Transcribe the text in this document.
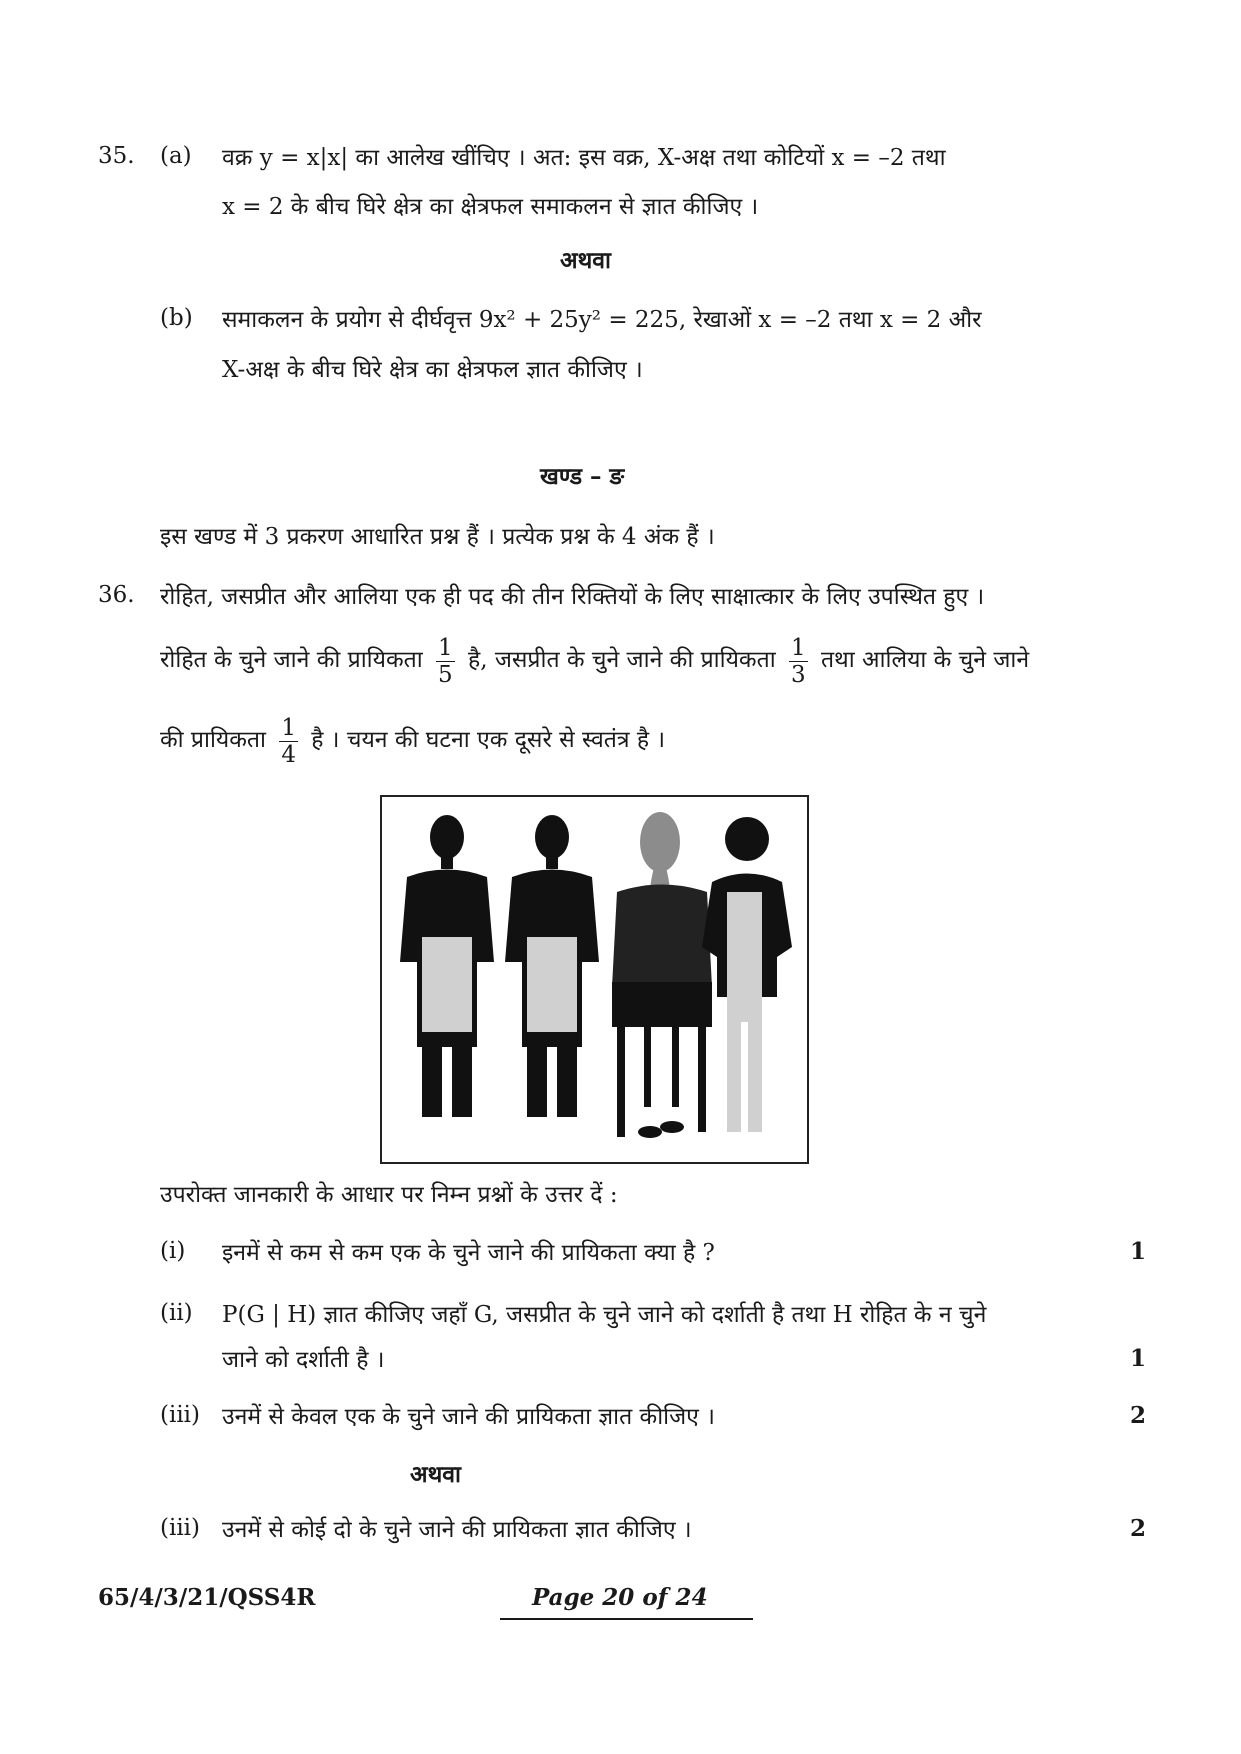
35. (a) वक्र y = x|x| का आलेख खींचिए । अत: इस वक्र, X-अक्ष तथा कोटियों x = –2 तथा
x = 2 के बीच घिरे क्षेत्र का क्षेत्रफल समाकलन से ज्ञात कीजिए ।
अथवा
(b) समाकलन के प्रयोग से दीर्घवृत्त 9x² + 25y² = 225, रेखाओं x = –2 तथा x = 2 और
X-अक्ष के बीच घिरे क्षेत्र का क्षेत्रफल ज्ञात कीजिए ।
खण्ड – ङ
इस खण्ड में 3 प्रकरण आधारित प्रश्न हैं । प्रत्येक प्रश्न के 4 अंक हैं ।
36. रोहित, जसप्रीत और आलिया एक ही पद की तीन रिक्तियों के लिए साक्षात्कार के लिए उपस्थित हुए ।
रोहित के चुने जाने की प्रायिकता $\frac{1}{5}$ है, जसप्रीत के चुने जाने की प्रायिकता $\frac{1}{3}$ तथा आलिया के चुने जाने
की प्रायिकता $\frac{1}{4}$ है । चयन की घटना एक दूसरे से स्वतंत्र है ।
उपरोक्त जानकारी के आधार पर निम्न प्रश्नों के उत्तर दें :
(i) इनमें से कम से कम एक के चुने जाने की प्रायिकता क्या है ?	1
(ii) P(G | H) ज्ञात कीजिए जहाँ G, जसप्रीत के चुने जाने को दर्शाती है तथा H रोहित के न चुने
जाने को दर्शाती है ।	1
(iii) उनमें से केवल एक के चुने जाने की प्रायिकता ज्ञात कीजिए ।	2
अथवा
(iii) उनमें से कोई दो के चुने जाने की प्रायिकता ज्ञात कीजिए ।	2
65/4/3/21/QSS4R	Page 20 of 24
